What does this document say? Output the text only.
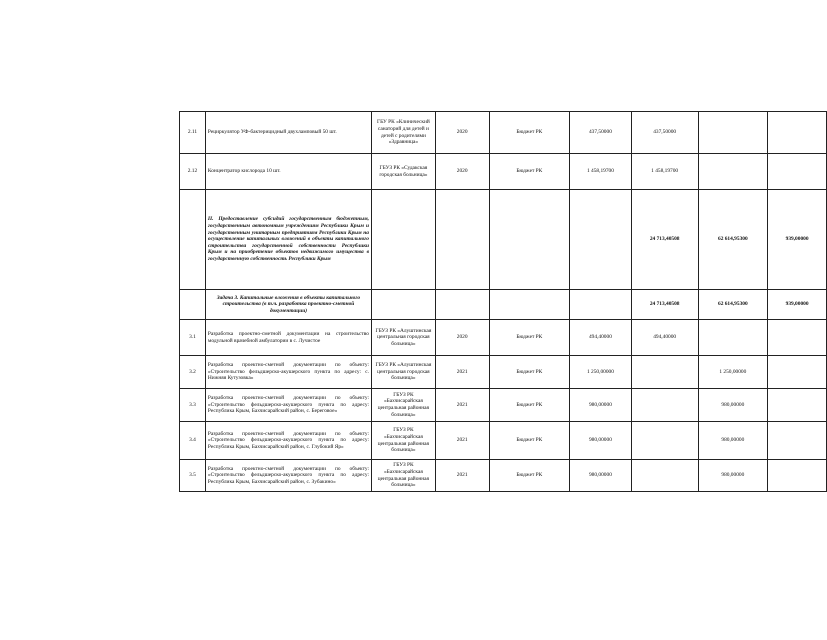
2.11	Рециркулятор УФ-бактерицидный двухламповый 50 шт.	ГБУ РК «Клинический санаторий для детей и детей с родителями «Здравница»	2020	Бюджет РК	437,50000	437,50000		
2.12	Концентратор кислорода 10 шт.	ГБУЗ РК «Судакская городская больница»	2020	Бюджет РК	1 458,19700	1 458,19700		
	II. Предоставление субсидий государственным бюджетным, государственным автономным учреждениям Республики Крым и государственным унитарным предприятиям Республики Крым на осуществление капитальных вложений в объекты капитального строительства государственной собственности Республики Крым и на приобретение объектов недвижимого имущества в государственную собственность Республики Крым					24 713,40508	62 614,95300	939,00000
	Задача 3. Капитальные вложения в объекты капитального строительства (в т.ч. разработка проектно-сметной документации)					24 713,40508	62 614,95300	939,00000
3.1	Разработка проектно-сметной документации на строительство модульной врачебной амбулатории в с. Лучистое	ГБУЗ РК «Алуштинская центральная городская больница»	2020	Бюджет РК	494,40000	494,40000		
3.2	Разработка проектно-сметной документации по объекту: «Строительство фельдшерско-акушерского пункта по адресу: с. Нижняя Кутузовка»	ГБУЗ РК «Алуштинская центральная городская больница»	2021	Бюджет РК	1 250,00000		1 250,00000	
3.3	Разработка проектно-сметной документации по объекту: «Строительство фельдшерско-акушерского пункта по адресу: Республика Крым, Бахчисарайский район, с. Береговое»	ГБУЗ РК «Бахчисарайская центральная районная больница»	2021	Бюджет РК	980,00000		980,00000	
3.4	Разработка проектно-сметной документации по объекту: «Строительство фельдшерско-акушерского пункта по адресу: Республика Крым, Бахчисарайский район, с. Глубокий Яр»	ГБУЗ РК «Бахчисарайская центральная районная больница»	2021	Бюджет РК	980,00000		980,00000	
3.5	Разработка проектно-сметной документации по объекту: «Строительство фельдшерско-акушерского пункта по адресу: Республика Крым, Бахчисарайский район, с. Зубакино»	ГБУЗ РК «Бахчисарайская центральная районная больница»	2021	Бюджет РК	980,00000		980,00000	
